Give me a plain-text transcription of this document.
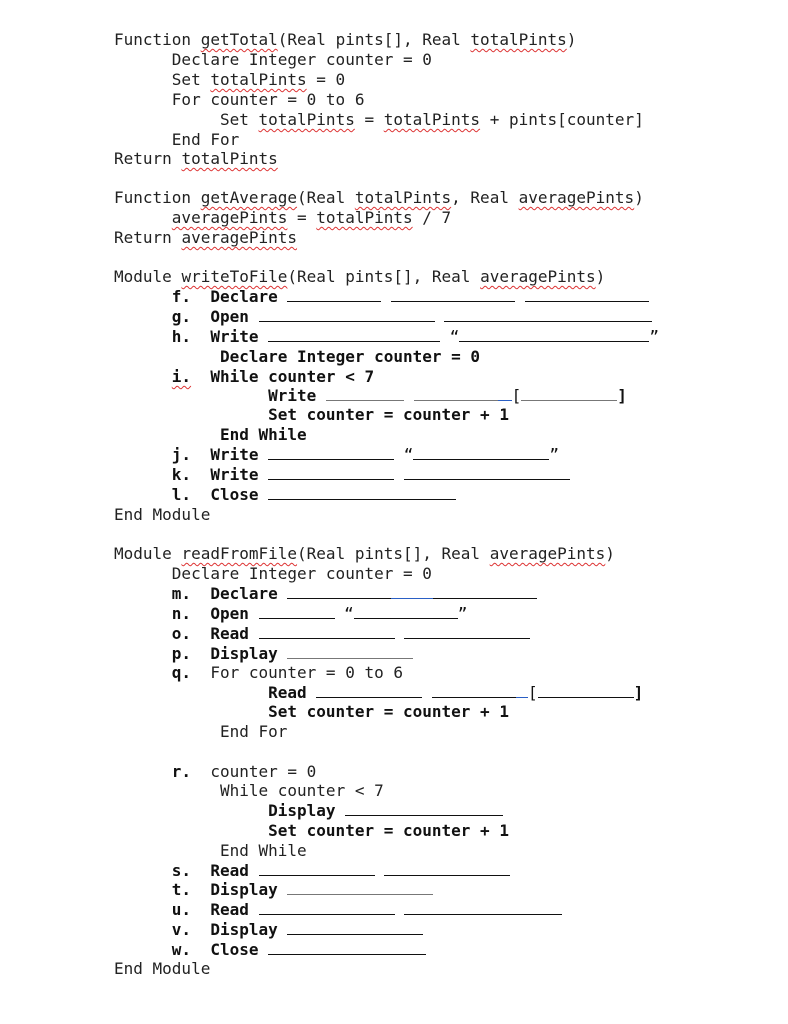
Function getTotal(Real pints[], Real totalPints)
Declare Integer counter = 0
Set totalPints = 0
For counter = 0 to 6
Set totalPints = totalPints + pints[counter]
End For
Return totalPints
Function getAverage(Real totalPints, Real averagePints)
averagePints = totalPints / 7
Return averagePints
Module writeToFile(Real pints[], Real averagePints)
f. Declare
g. Open
h. Write	“	”
Declare Integer counter = 0
i. While counter < 7
Write	[	]
Set counter = counter + 1
End While
j. Write	“	”
k. Write
l. Close
End Module
Module readFromFile(Real pints[], Real averagePints)
Declare Integer counter = 0
m. Declare
n. Open	“	”
o. Read
p. Display
q. For counter = 0 to 6
Read	[	]
Set counter = counter + 1
End For
r. counter = 0
While counter < 7
Display
Set counter = counter + 1
End While
s. Read
t. Display
u. Read
v. Display
w. Close
End Module
